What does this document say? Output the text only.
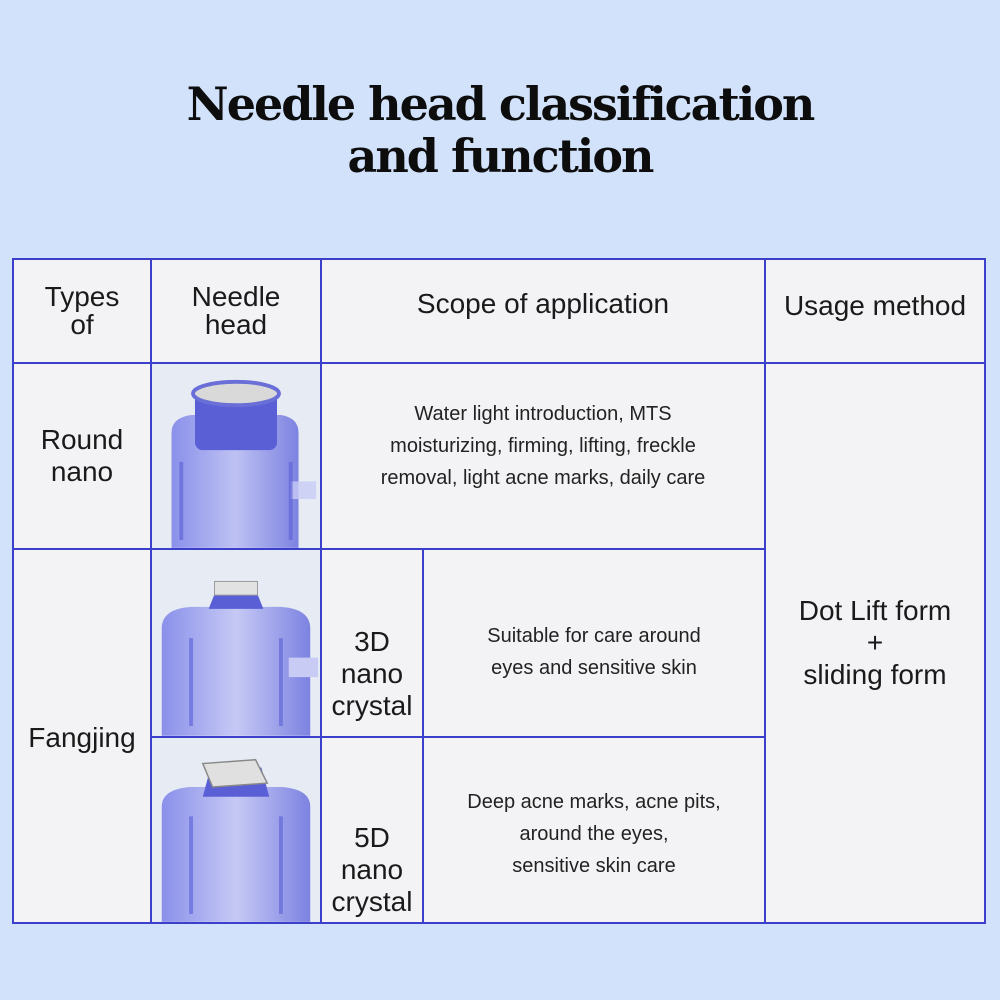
Needle head classification
and function
Types
of
Needle
head
Scope of application	Usage method
Round
nano
Water light introduction, MTS
moisturizing, firming, lifting, freckle
removal, light acne marks, daily care
Dot Lift form
+
sliding form
Fangjing
3D
nano
crystal
Suitable for care around
eyes and sensitive skin
5D
nano
crystal
Deep acne marks, acne pits,
around the eyes,
sensitive skin care
